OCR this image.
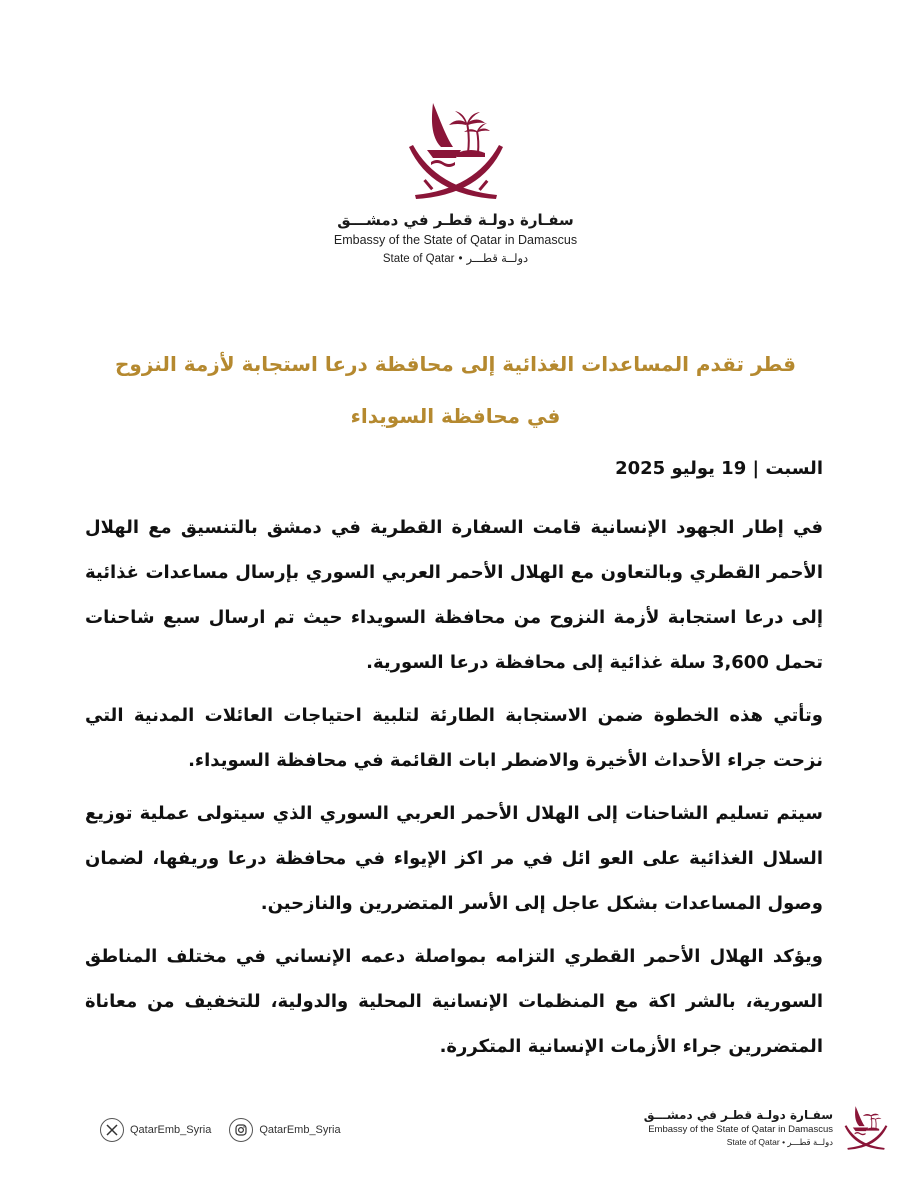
سفـارة دولـة قطـر في دمشـــق
Embassy of the State of Qatar in Damascus
State of Qatar • دولــة قطـــر
قطر تقدم المساعدات الغذائية إلى محافظة درعا استجابة لأزمة النزوح
في محافظة السويداء
السبت | 19 يوليو 2025

في إطار الجهود الإنسانية قامت السفارة القطرية في دمشق بالتنسيق مع الهلال الأحمر القطري وبالتعاون مع الهلال الأحمر العربي السوري بإرسال مساعدات غذائية إلى درعا استجابة لأزمة النزوح من محافظة السويداء حيث تم ارسال سبع شاحنات تحمل 3,600 سلة غذائية إلى محافظة درعا السورية.

وتأتي هذه الخطوة ضمن الاستجابة الطارئة لتلبية احتياجات العائلات المدنية التي نزحت جراء الأحداث الأخيرة والاضطر ابات القائمة في محافظة السويداء.

سيتم تسليم الشاحنات إلى الهلال الأحمر العربي السوري الذي سيتولى عملية توزيع السلال الغذائية على العو ائل في مر اكز الإيواء في محافظة درعا وريفها، لضمان وصول المساعدات بشكل عاجل إلى الأسر المتضررين والنازحين.

ويؤكد الهلال الأحمر القطري التزامه بمواصلة دعمه الإنساني في مختلف المناطق السورية، بالشر اكة مع المنظمات الإنسانية المحلية والدولية، للتخفيف من معاناة المتضررين جراء الأزمات الإنسانية المتكررة.

QatarEmb_Syria	QatarEmb_Syria
سفـارة دولـة قطـر في دمشـــق
Embassy of the State of Qatar in Damascus
State of Qatar • دولــة قطـــر
